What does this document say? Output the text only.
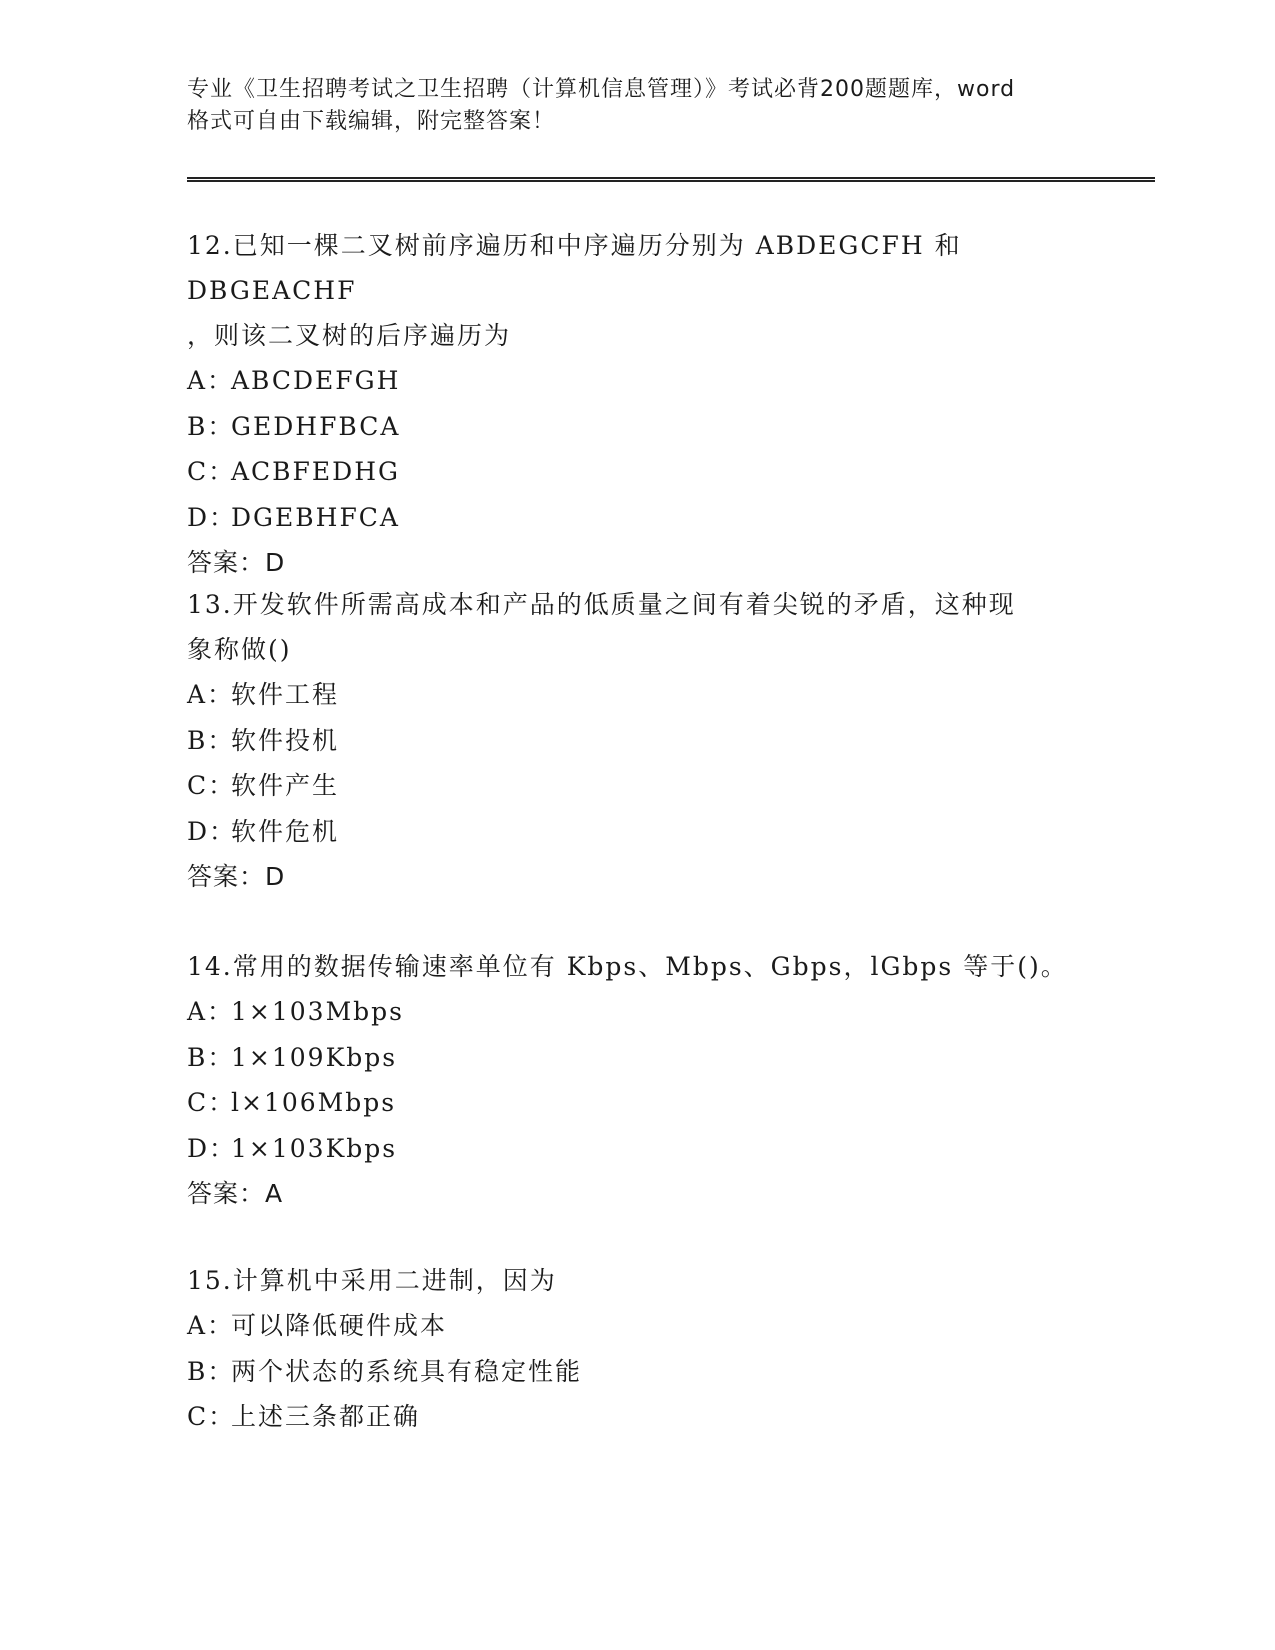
专业《卫生招聘考试之卫生招聘（计算机信息管理）》考试必背200题题库，word
格式可自由下载编辑，附完整答案！

12.已知一棵二叉树前序遍历和中序遍历分别为 ABDEGCFH 和 DBGEACHF

，则该二叉树的后序遍历为

A：ABCDEFGH

B：GEDHFBCA

C：ACBFEDHG

D：DGEBHFCA

答案：D

13.开发软件所需高成本和产品的低质量之间有着尖锐的矛盾，这种现

象称做()

A：软件工程

B：软件投机

C：软件产生

D：软件危机

答案：D

14.常用的数据传输速率单位有 Kbps、Mbps、Gbps，lGbps 等于()。

A：1×103Mbps

B：1×109Kbps

C：l×106Mbps

D：1×103Kbps

答案：A

15.计算机中采用二进制，因为

A：可以降低硬件成本

B：两个状态的系统具有稳定性能

C：上述三条都正确
